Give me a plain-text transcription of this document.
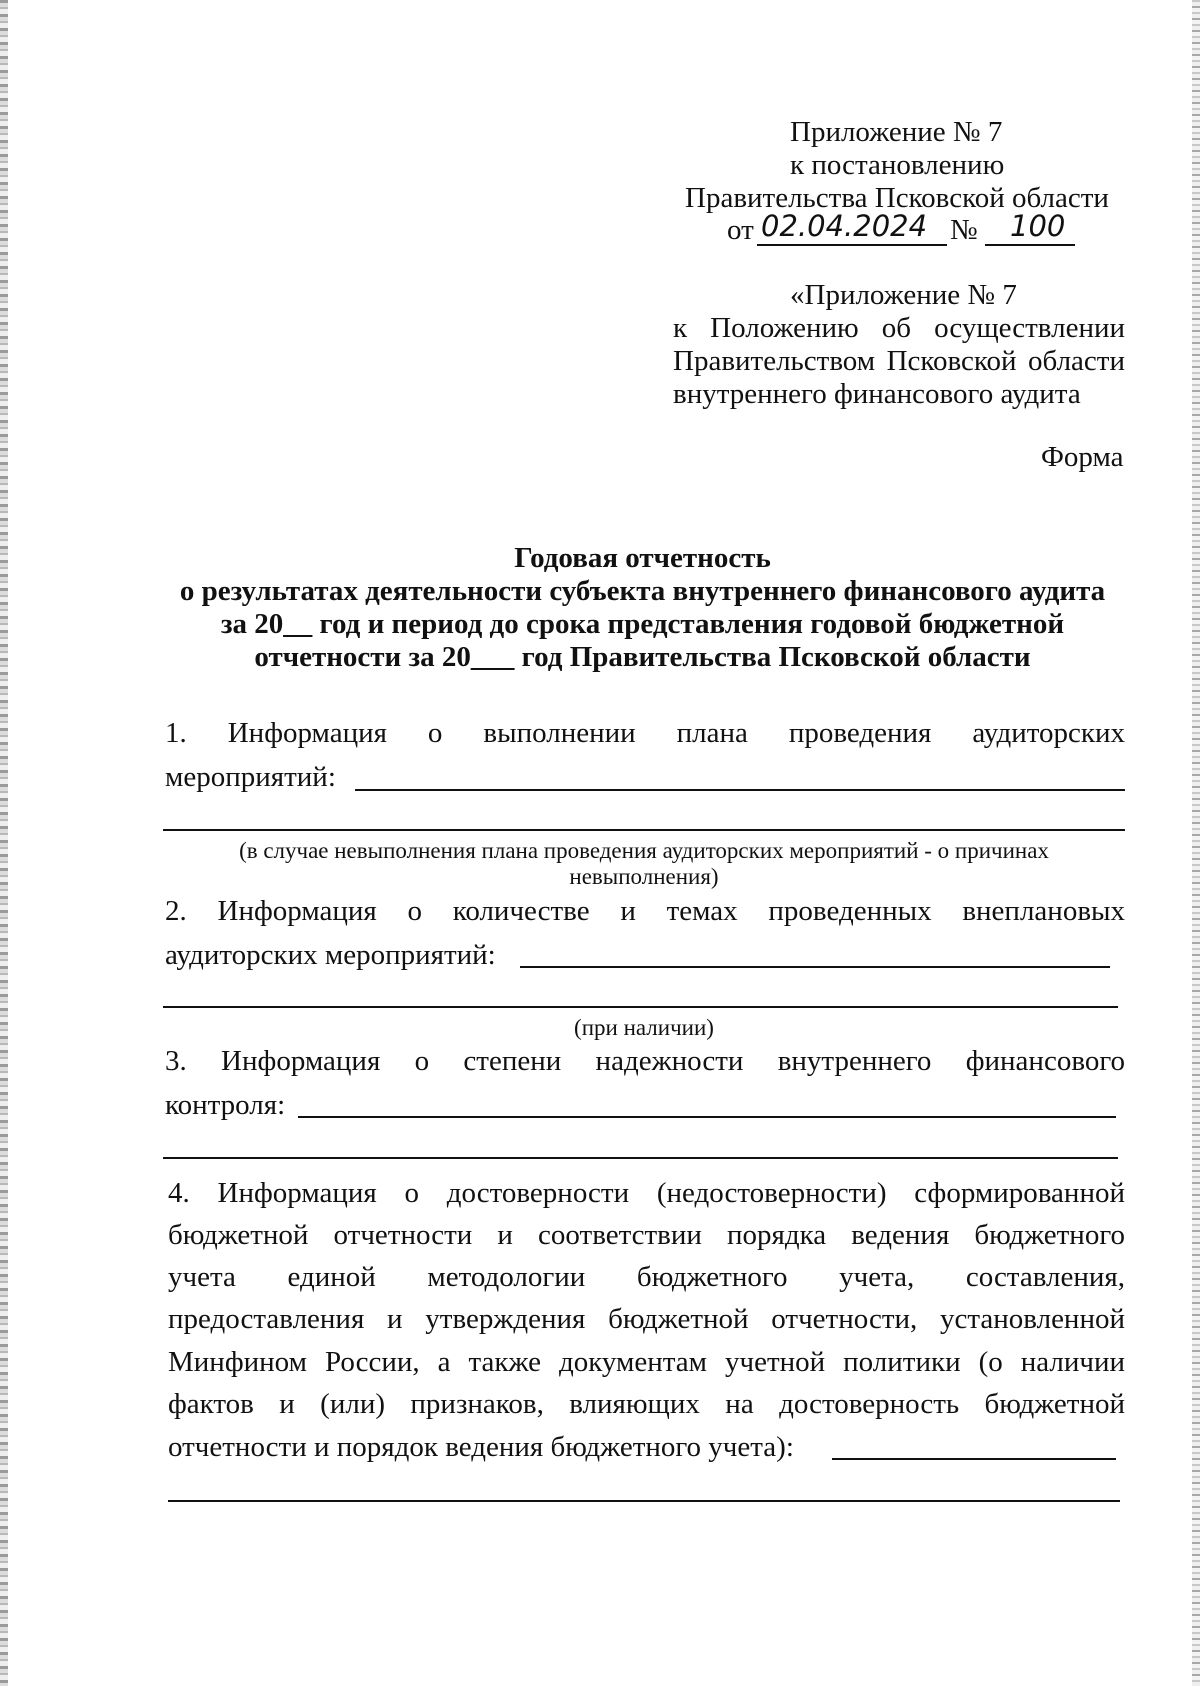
Приложение № 7
к постановлению
Правительства Псковской области
от 02.04.2024 № 100
«Приложение № 7
к Положению об осуществлении
Правительством Псковской области
внутреннего финансового аудита
Форма
Годовая отчетность
о результатах деятельности субъекта внутреннего финансового аудита
за 20__ год и период до срока представления годовой бюджетной
отчетности за 20___ год Правительства Псковской области
1. Информация о выполнении плана проведения аудиторских
мероприятий:
(в случае невыполнения плана проведения аудиторских мероприятий - о причинах
невыполнения)
2. Информация о количестве и темах проведенных внеплановых
аудиторских мероприятий:
(при наличии)
3. Информация о степени надежности внутреннего финансового
контроля:
4. Информация о достоверности (недостоверности) сформированной
бюджетной отчетности и соответствии порядка ведения бюджетного
учета единой методологии бюджетного учета, составления,
предоставления и утверждения бюджетной отчетности, установленной
Минфином России, а также документам учетной политики (о наличии
фактов и (или) признаков, влияющих на достоверность бюджетной
отчетности и порядок ведения бюджетного учета):
